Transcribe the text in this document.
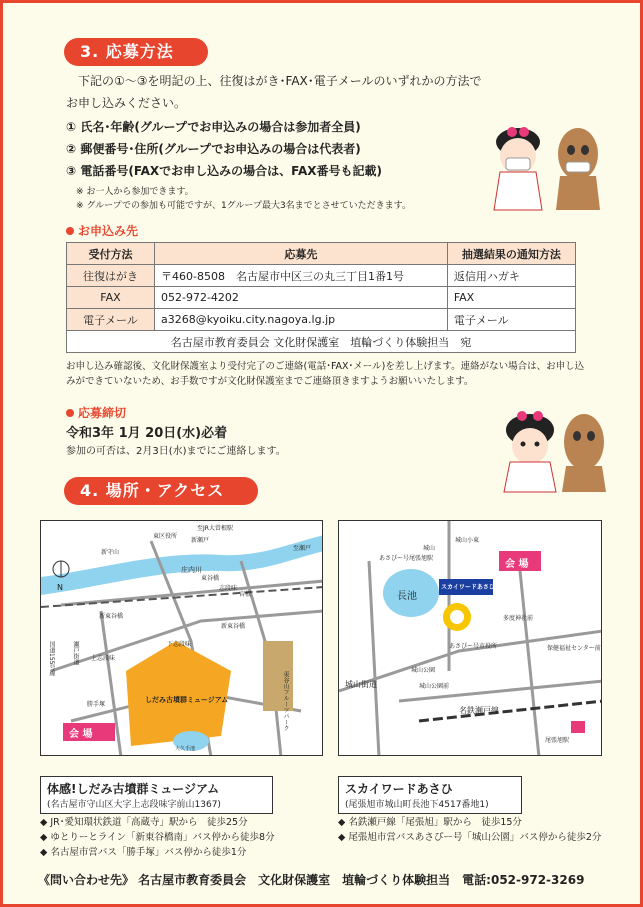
3. 応募方法
下記の①～③を明記の上、往復はがき･FAX･電子メールのいずれかの方法で
お申し込みください。
① 氏名･年齢(グループでお申込みの場合は参加者全員)
② 郵便番号･住所(グループでお申込みの場合は代表者)
③ 電話番号(FAXでお申し込みの場合は、FAX番号も記載)
※ お一人から参加できます。
※ グループでの参加も可能ですが、1グループ最大3名までとさせていただきます。
お申込み先
受付方法	応募先	抽選結果の通知方法
往復はがき	〒460-8508　名古屋市中区三の丸三丁目1番1号	返信用ハガキ
FAX	052-972-4202	FAX
電子メール	a3268@kyoiku.city.nagoya.lg.jp	電子メール
名古屋市教育委員会 文化財保護室　埴輪づくり体験担当　宛		
お申し込み確認後、文化財保護室より受付完了のご連絡(電話･FAX･メール)を差し上げます。連絡がない場合は、お申し込
みができていないため、お手数ですが文化財保護室までご連絡頂きますようお願いいたします。
応募締切
令和3年 1月 20日(水)必着
参加の可否は、2月3日(水)までにご連絡します。
4. 場所・アクセス
至JR大曽根駅
東区役所
新瀬戸
庄内川
新守山
東谷橋
瀬戸街道
志段味
新東谷橋
新東谷橋
上志段味
下志段味
勝手塚
吉根
至瀬戸
しだみ古墳群ミュージアム
大久手池
東谷山フルーツパーク
国道155号線
N
会 場
城山小東
あさぴー号尾張旭駅
城山
長池
スカイワードあさひ
多度神社前
保健福祉センター前
城山公園
城山街道	城山公園前
名鉄瀬戸線
尾張旭駅
あさぴー号市役所
会 場
体感!しだみ古墳群ミュージアム
(名古屋市守山区大字上志段味字前山1367)
◆ JR･愛知環状鉄道「高蔵寺」駅から　徒歩25分
◆ ゆとりーとライン「新東谷橋南」バス停から徒歩8分
◆ 名古屋市営バス「勝手塚」バス停から徒歩1分
スカイワードあさひ
(尾張旭市城山町長池下4517番地1)
◆ 名鉄瀬戸線「尾張旭」駅から　徒歩15分
◆ 尾張旭市営バスあさぴー号「城山公園」バス停から徒歩2分
《問い合わせ先》 名古屋市教育委員会　文化財保護室　埴輪づくり体験担当　電話:052-972-3269
